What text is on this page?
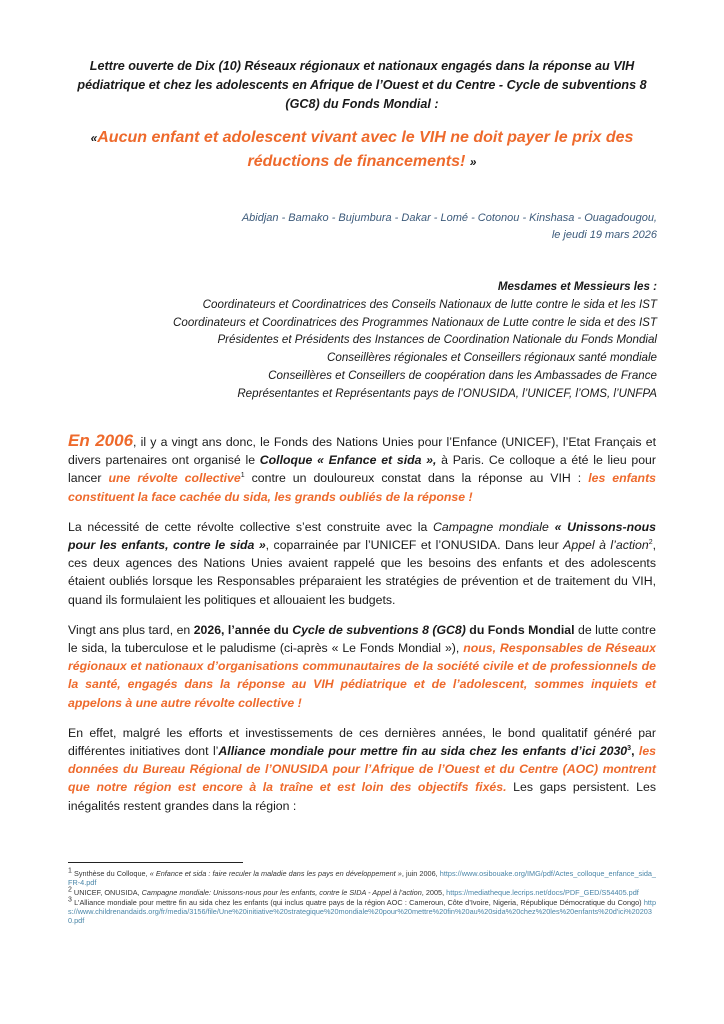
Lettre ouverte de Dix (10) Réseaux régionaux et nationaux engagés dans la réponse au VIH pédiatrique et chez les adolescents en Afrique de l’Ouest et du Centre - Cycle de subventions 8 (GC8) du Fonds Mondial :
«Aucun enfant et adolescent vivant avec le VIH ne doit payer le prix des réductions de financements! »
Abidjan - Bamako - Bujumbura - Dakar - Lomé - Cotonou - Kinshasa - Ouagadougou,
le jeudi 19 mars 2026
Mesdames et Messieurs les :
Coordinateurs et Coordinatrices des Conseils Nationaux de lutte contre le sida et les IST
Coordinateurs et Coordinatrices des Programmes Nationaux de Lutte contre le sida et des IST
Présidentes et Présidents des Instances de Coordination Nationale du Fonds Mondial
Conseillères régionales et Conseillers régionaux santé mondiale
Conseillères et Conseillers de coopération dans les Ambassades de France
Représentantes et Représentants pays de l’ONUSIDA, l’UNICEF, l’OMS, l’UNFPA

En 2006, il y a vingt ans donc, le Fonds des Nations Unies pour l’Enfance (UNICEF), l’Etat Français et divers partenaires ont organisé le Colloque « Enfance et sida », à Paris. Ce colloque a été le lieu pour lancer une révolte collective$^1$ contre un douloureux constat dans la réponse au VIH : les enfants constituent la face cachée du sida, les grands oubliés de la réponse !

La nécessité de cette révolte collective s’est construite avec la Campagne mondiale « Unissons-nous pour les enfants, contre le sida », coparrainée par l’UNICEF et l’ONUSIDA. Dans leur Appel à l’action$^2$, ces deux agences des Nations Unies avaient rappelé que les besoins des enfants et des adolescents étaient oubliés lorsque les Responsables préparaient les stratégies de prévention et de traitement du VIH, quand ils formulaient les politiques et allouaient les budgets.

Vingt ans plus tard, en 2026, l’année du Cycle de subventions 8 (GC8) du Fonds Mondial de lutte contre le sida, la tuberculose et le paludisme (ci-après « Le Fonds Mondial »), nous, Responsables de Réseaux régionaux et nationaux d’organisations communautaires de la société civile et de professionnels de la santé, engagés dans la réponse au VIH pédiatrique et de l’adolescent, sommes inquiets et appelons à une autre révolte collective !

En effet, malgré les efforts et investissements de ces dernières années, le bond qualitatif généré par différentes initiatives dont l’Alliance mondiale pour mettre fin au sida chez les enfants d’ici 2030$^3$, les données du Bureau Régional de l’ONUSIDA pour l’Afrique de l’Ouest et du Centre (AOC) montrent que notre région est encore à la traîne et est loin des objectifs fixés. Les gaps persistent. Les inégalités restent grandes dans la région :

$^1$ Synthèse du Colloque, « Enfance et sida : faire reculer la maladie dans les pays en développement », juin 2006, https://www.osibouake.org/IMG/pdf/Actes_colloque_enfance_sida_FR-4.pdf
$^2$ UNICEF, ONUSIDA, Campagne mondiale: Unissons-nous pour les enfants, contre le SIDA - Appel à l’action, 2005, https://mediatheque.lecrips.net/docs/PDF_GED/S54405.pdf
$^3$ L’Alliance mondiale pour mettre fin au sida chez les enfants (qui inclus quatre pays de la région AOC : Cameroun, Côte d’Ivoire, Nigeria, République Démocratique du Congo) https://www.childrenandaids.org/fr/media/3156/file/Une%20initiative%20strategique%20mondiale%20pour%20mettre%20fin%20au%20sida%20chez%20les%20enfants%20d'ici%202030.pdf
